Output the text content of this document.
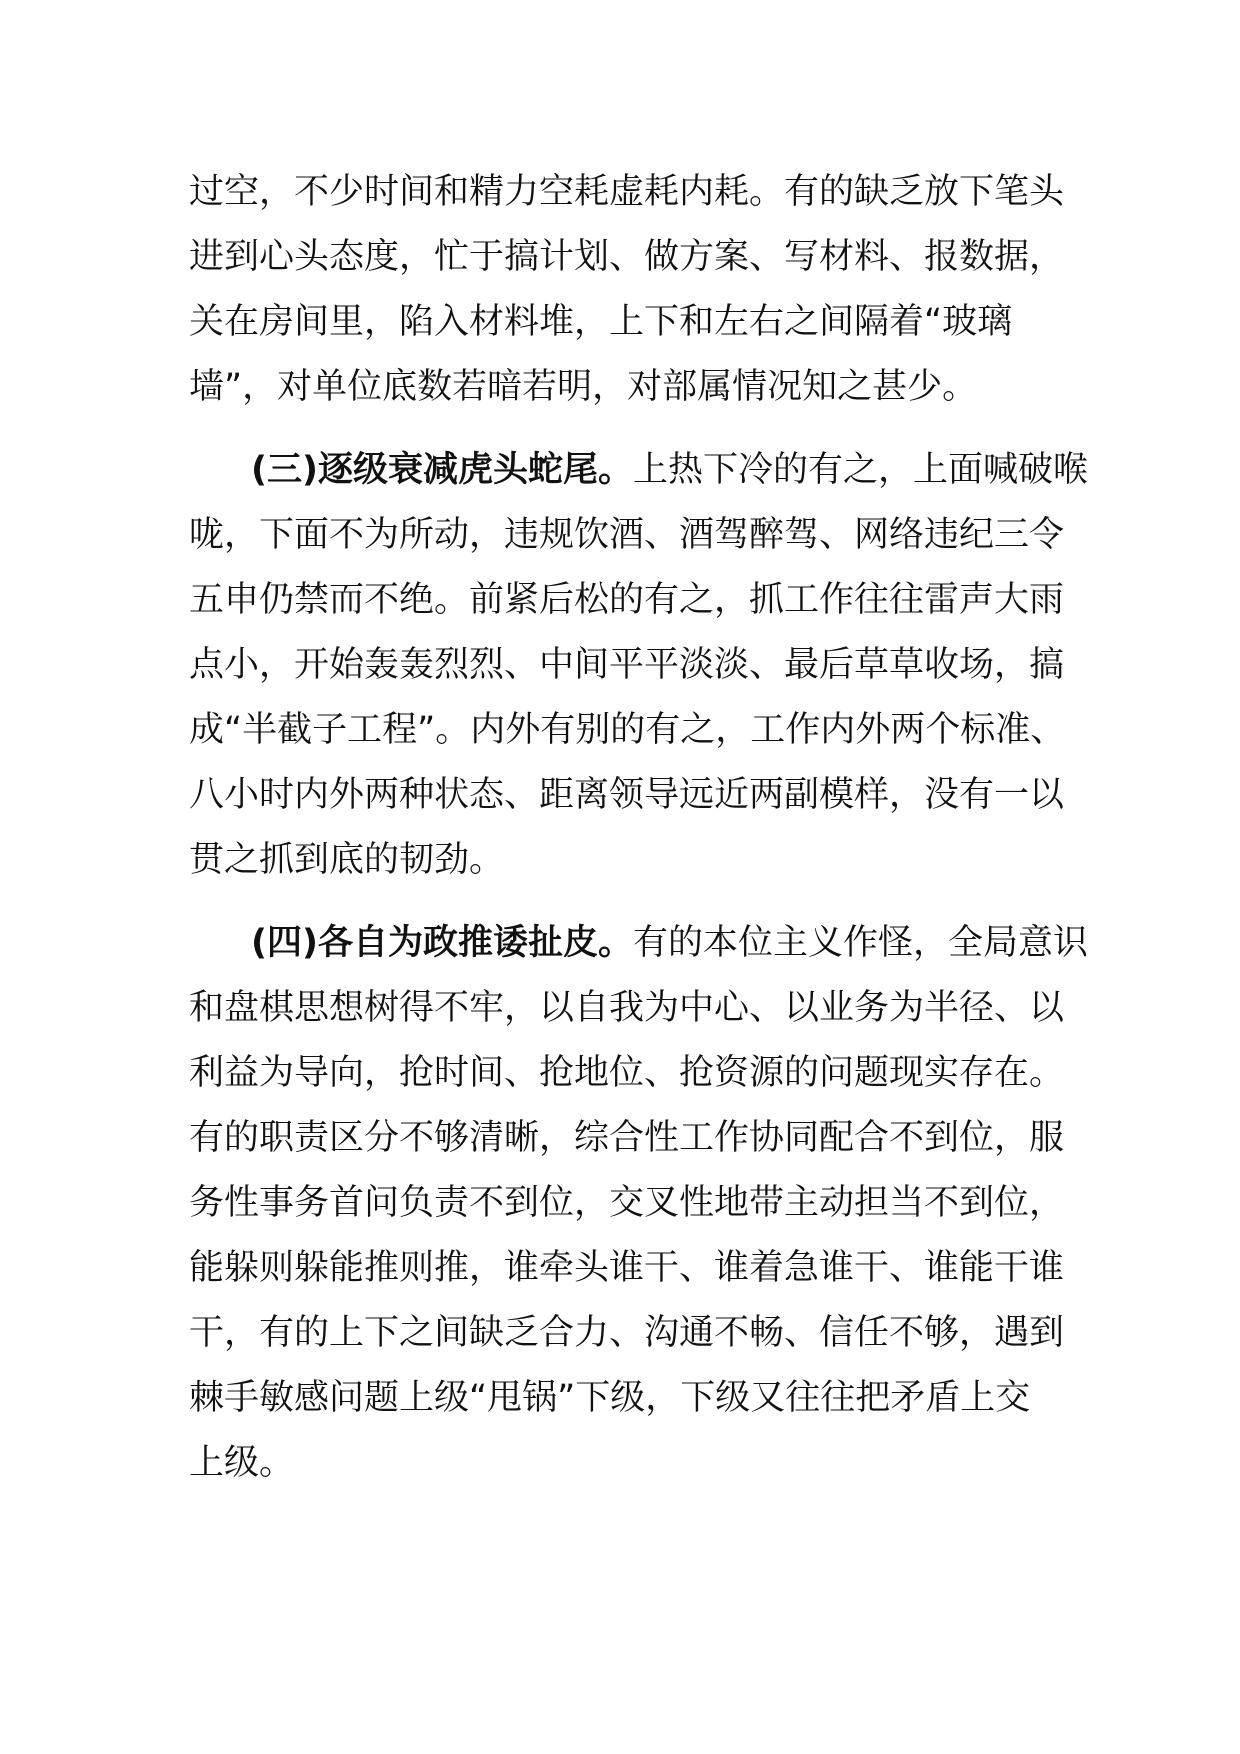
过空，不少时间和精力空耗虚耗内耗。有的缺乏放下笔头
进到心头态度，忙于搞计划、做方案、写材料、报数据，
关在房间里，陷入材料堆，上下和左右之间隔着“玻璃
墙”，对单位底数若暗若明，对部属情况知之甚少。

(三)逐级衰减虎头蛇尾。上热下冷的有之，上面喊破喉
咙，下面不为所动，违规饮酒、酒驾醉驾、网络违纪三令
五申仍禁而不绝。前紧后松的有之，抓工作往往雷声大雨
点小，开始轰轰烈烈、中间平平淡淡、最后草草收场，搞
成“半截子工程”。内外有别的有之，工作内外两个标准、
八小时内外两种状态、距离领导远近两副模样，没有一以
贯之抓到底的韧劲。

(四)各自为政推诿扯皮。有的本位主义作怪，全局意识
和盘棋思想树得不牢，以自我为中心、以业务为半径、以
利益为导向，抢时间、抢地位、抢资源的问题现实存在。
有的职责区分不够清晰，综合性工作协同配合不到位，服
务性事务首问负责不到位，交叉性地带主动担当不到位，
能躲则躲能推则推，谁牵头谁干、谁着急谁干、谁能干谁
干，有的上下之间缺乏合力、沟通不畅、信任不够，遇到
棘手敏感问题上级“甩锅”下级，下级又往往把矛盾上交
上级。
